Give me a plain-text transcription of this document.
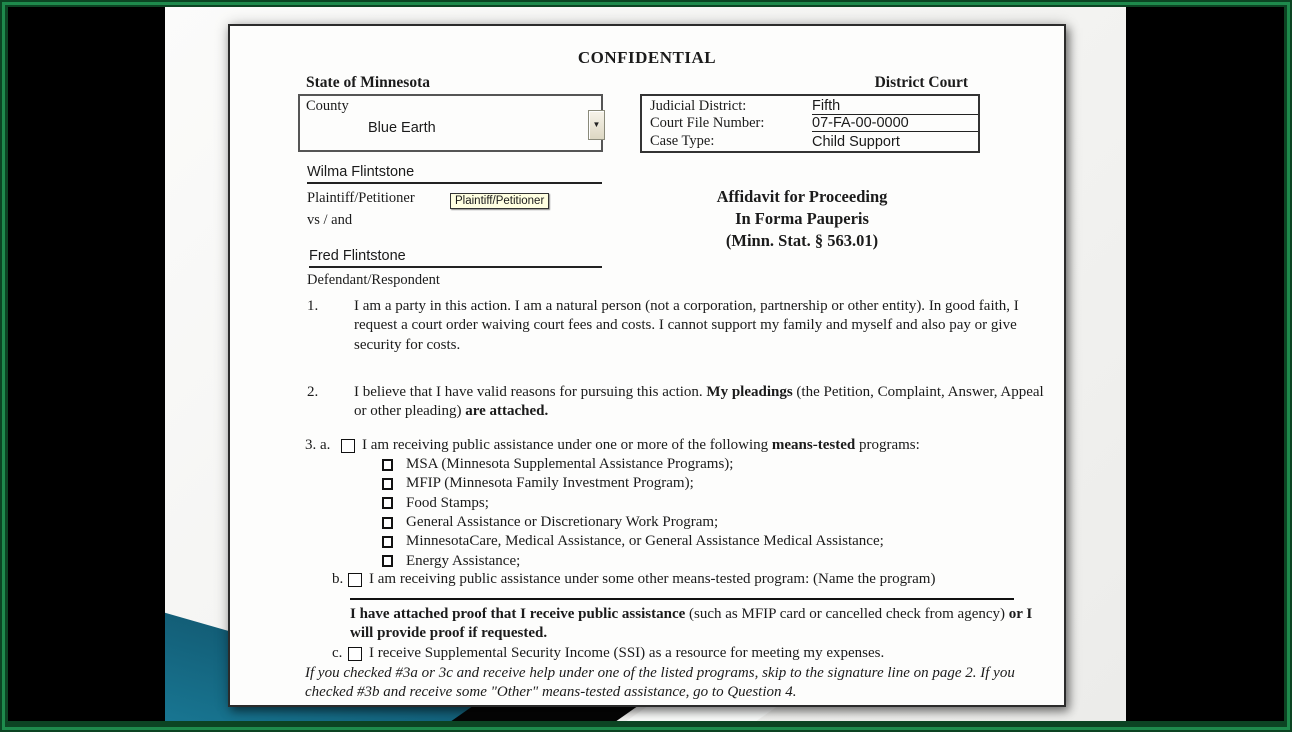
CONFIDENTIAL
State of Minnesota	District Court
County
Blue Earth	▼
Judicial District:	Fifth
Court File Number:	07-FA-00-0000
Case Type:	Child Support
Wilma Flintstone
Plaintiff/Petitioner	Plaintiff/Petitioner
vs / and
Fred Flintstone
Defendant/Respondent
Affidavit for Proceeding
In Forma Pauperis
(Minn. Stat. § 563.01)
1. I am a party in this action. I am a natural person (not a corporation, partnership or other entity). In good faith, I request a court order waiving court fees and costs. I cannot support my family and myself and also pay or give security for costs.
2. I believe that I have valid reasons for pursuing this action. My pleadings (the Petition, Complaint, Answer, Appeal or other pleading) are attached.
3. a.	I am receiving public assistance under one or more of the following means-tested programs:
MSA (Minnesota Supplemental Assistance Programs);
MFIP (Minnesota Family Investment Program);
Food Stamps;
General Assistance or Discretionary Work Program;
MinnesotaCare, Medical Assistance, or General Assistance Medical Assistance;
Energy Assistance;
b.	I am receiving public assistance under some other means-tested program: (Name the program)
I have attached proof that I receive public assistance (such as MFIP card or cancelled check from agency) or I will provide proof if requested.
c.	I receive Supplemental Security Income (SSI) as a resource for meeting my expenses.
If you checked #3a or 3c and receive help under one of the listed programs, skip to the signature line on page 2. If you checked #3b and receive some "Other" means-tested assistance, go to Question 4.
